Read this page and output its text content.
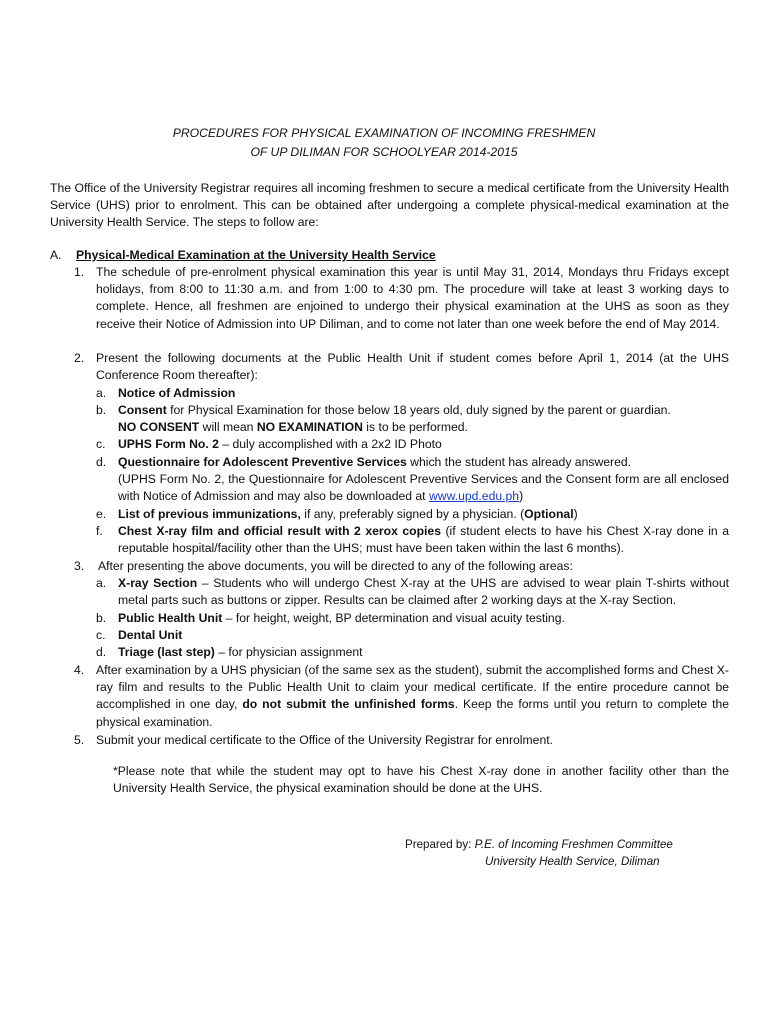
PROCEDURES FOR PHYSICAL EXAMINATION OF INCOMING FRESHMEN
OF UP DILIMAN FOR SCHOOLYEAR 2014-2015
The Office of the University Registrar requires all incoming freshmen to secure a medical certificate from the University Health Service (UHS) prior to enrolment. This can be obtained after undergoing a complete physical-medical examination at the University Health Service. The steps to follow are:
A. Physical-Medical Examination at the University Health Service
1. The schedule of pre-enrolment physical examination this year is until May 31, 2014, Mondays thru Fridays except holidays, from 8:00 to 11:30 a.m. and from 1:00 to 4:30 pm. The procedure will take at least 3 working days to complete. Hence, all freshmen are enjoined to undergo their physical examination at the UHS as soon as they receive their Notice of Admission into UP Diliman, and to come not later than one week before the end of May 2014.
2. Present the following documents at the Public Health Unit if student comes before April 1, 2014 (at the UHS Conference Room thereafter):
a. Notice of Admission
b. Consent for Physical Examination for those below 18 years old, duly signed by the parent or guardian.
NO CONSENT will mean NO EXAMINATION is to be performed.
c. UPHS Form No. 2 – duly accomplished with a 2x2 ID Photo
d. Questionnaire for Adolescent Preventive Services which the student has already answered.
(UPHS Form No. 2, the Questionnaire for Adolescent Preventive Services and the Consent form are all enclosed with Notice of Admission and may also be downloaded at www.upd.edu.ph)
e. List of previous immunizations, if any, preferably signed by a physician. (Optional)
f. Chest X-ray film and official result with 2 xerox copies (if student elects to have his Chest X-ray done in a reputable hospital/facility other than the UHS; must have been taken within the last 6 months).
3. After presenting the above documents, you will be directed to any of the following areas:
a. X-ray Section – Students who will undergo Chest X-ray at the UHS are advised to wear plain T-shirts without metal parts such as buttons or zipper. Results can be claimed after 2 working days at the X-ray Section.
b. Public Health Unit – for height, weight, BP determination and visual acuity testing.
c. Dental Unit
d. Triage (last step) – for physician assignment
4. After examination by a UHS physician (of the same sex as the student), submit the accomplished forms and Chest X-ray film and results to the Public Health Unit to claim your medical certificate. If the entire procedure cannot be accomplished in one day, do not submit the unfinished forms. Keep the forms until you return to complete the physical examination.
5. Submit your medical certificate to the Office of the University Registrar for enrolment.
*Please note that while the student may opt to have his Chest X-ray done in another facility other than the University Health Service, the physical examination should be done at the UHS.
Prepared by: P.E. of Incoming Freshmen Committee
University Health Service, Diliman
